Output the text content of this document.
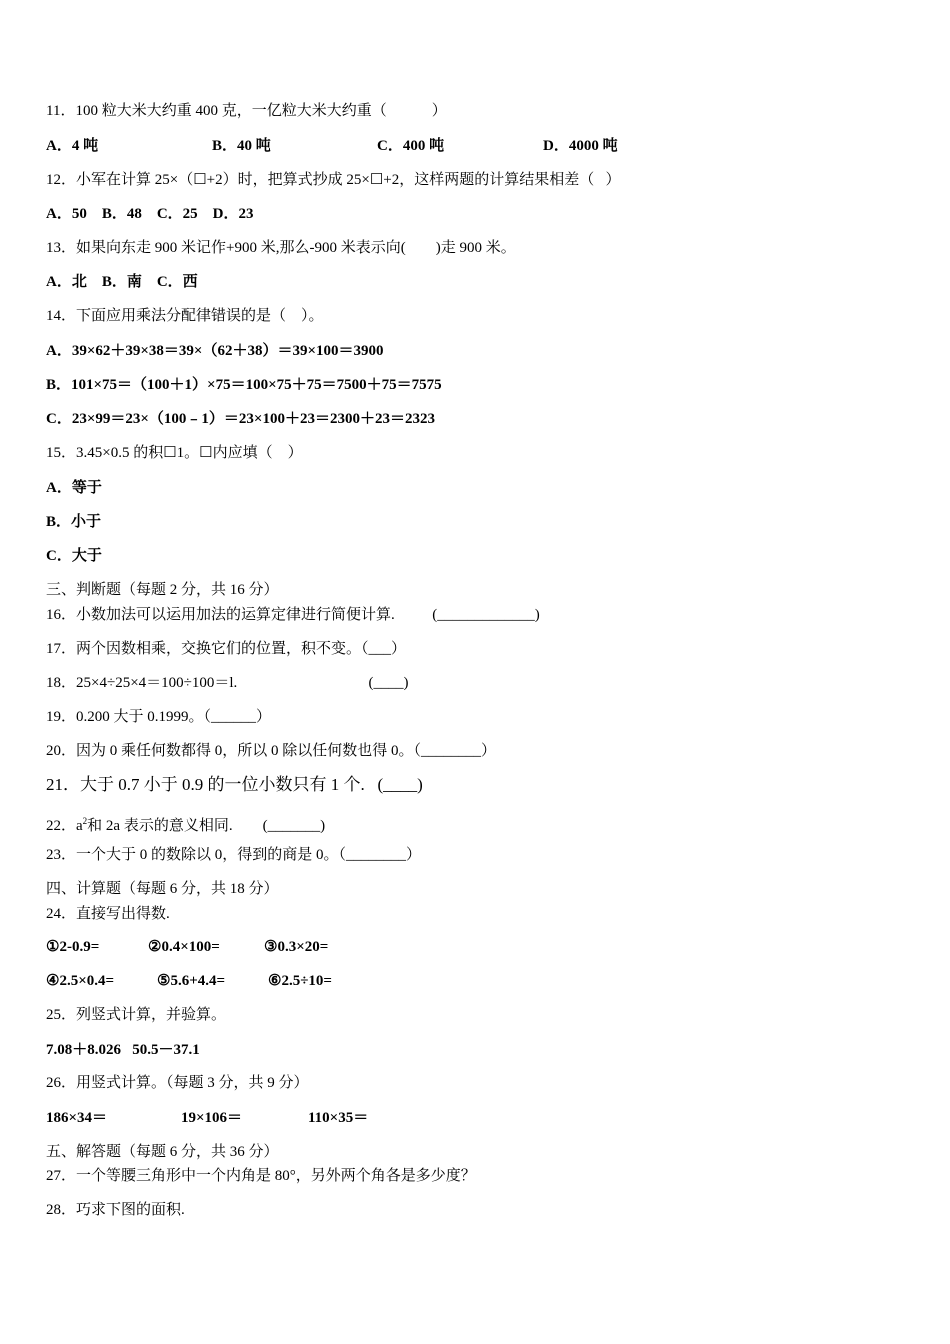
11．100 粒大米大约重 400 克，一亿粒大米大约重（　　　）
A．4 吨	B．40 吨	C．400 吨	D．4000 吨
12．小军在计算 25×（☐+2）时，把算式抄成 25×☐+2，这样两题的计算结果相差（   ）
A．50    B．48    C．25    D．23
13．如果向东走 900 米记作+900 米,那么-900 米表示向(　　)走 900 米。
A．北    B．南    C．西
14．下面应用乘法分配律错误的是（    ）。
A．39×62＋39×38＝39×（62＋38）＝39×100＝3900
B．101×75＝（100＋1）×75＝100×75＋75＝7500＋75＝7575
C．23×99＝23×（100﹣1）＝23×100＋23＝2300＋23＝2323
15．3.45×0.5 的积☐1。☐内应填（    ）
A．等于
B．小于
C．大于
三、判断题（每题 2 分，共 16 分）
16．小数加法可以运用加法的运算定律进行简便计算.          (_____________)
17．两个因数相乘，交换它们的位置，积不变。（___）
18．25×4÷25×4＝100÷100＝l.                                   (____)
19．0.200 大于 0.1999。（______）
20．因为 0 乘任何数都得 0，所以 0 除以任何数也得 0。（________）
21．大于 0.7 小于 0.9 的一位小数只有 1 个.   (____)
22．$a^2$和 2a 表示的意义相同.        (_______)
23．一个大于 0 的数除以 0，得到的商是 0。（________）
四、计算题（每题 6 分，共 18 分）
24．直接写出得数.
①2-0.9=	②0.4×100=	③0.3×20=
④2.5×0.4=	⑤5.6+4.4=	⑥2.5÷10=
25．列竖式计算，并验算。
7.08＋8.026   50.5－37.1
26．用竖式计算。（每题 3 分，共 9 分）
186×34＝	19×106＝	110×35＝
五、解答题（每题 6 分，共 36 分）
27．一个等腰三角形中一个内角是 80°，另外两个角各是多少度？
28．巧求下图的面积.
